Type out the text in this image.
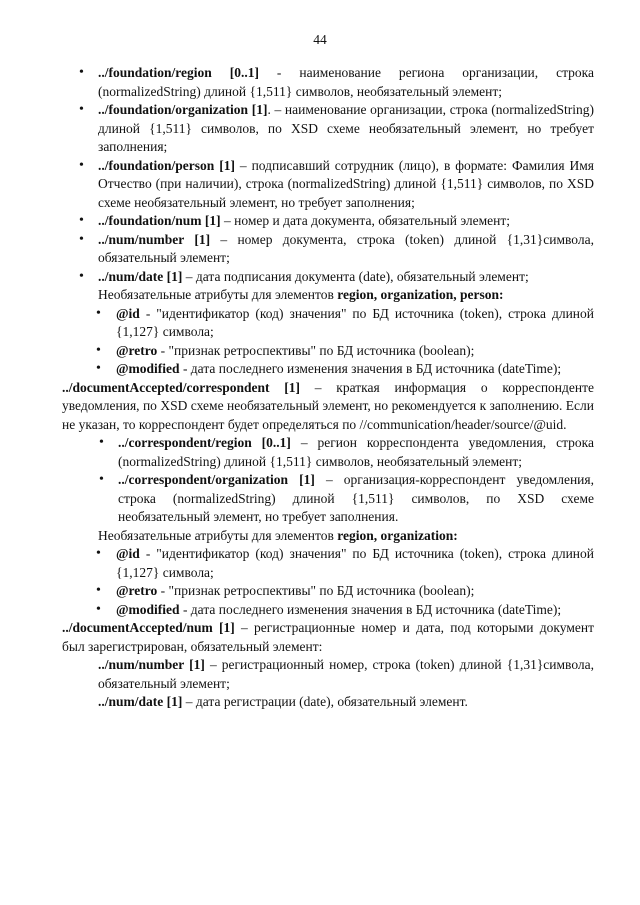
44
• ../foundation/region [0..1] - наименование региона организации, строка (normalizedString) длиной {1,511} символов, необязательный элемент;
• ../foundation/organization [1]. – наименование организации, строка (normalizedString) длиной {1,511} символов, по XSD схеме необязательный элемент, но требует заполнения;
• ../foundation/person [1] – подписавший сотрудник (лицо), в формате: Фамилия Имя Отчество (при наличии), строка (normalizedString) длиной {1,511} символов, по XSD схеме необязательный элемент, но требует заполнения;
• ../foundation/num [1] – номер и дата документа, обязательный элемент;
• ../num/number [1] – номер документа, строка (token) длиной {1,31}символа, обязательный элемент;
• ../num/date [1] – дата подписания документа (date), обязательный элемент;
Необязательные атрибуты для элементов region, organization, person:
• @id - "идентификатор (код) значения" по БД источника (token), строка длиной {1,127} символа;
• @retro - "признак ретроспективы" по БД источника (boolean);
• @modified - дата последнего изменения значения в БД источника (dateTime);
../documentAccepted/correspondent [1] – краткая информация о корреспонденте уведомления, по XSD схеме необязательный элемент, но рекомендуется к заполнению. Если не указан, то корреспондент будет определяться по //communication/header/source/@uid.
• ../correspondent/region [0..1] – регион корреспондента уведомления, строка (normalizedString) длиной {1,511} символов, необязательный элемент;
• ../correspondent/organization [1] – организация-корреспондент уведомления, строка (normalizedString) длиной {1,511} символов, по XSD схеме необязательный элемент, но требует заполнения.
Необязательные атрибуты для элементов region, organization:
• @id - "идентификатор (код) значения" по БД источника (token), строка длиной {1,127} символа;
• @retro - "признак ретроспективы" по БД источника (boolean);
• @modified - дата последнего изменения значения в БД источника (dateTime);
../documentAccepted/num [1] – регистрационные номер и дата, под которыми документ был зарегистрирован, обязательный элемент:
../num/number [1] – регистрационный номер, строка (token) длиной {1,31}символа, обязательный элемент;
../num/date [1] – дата регистрации (date), обязательный элемент.
